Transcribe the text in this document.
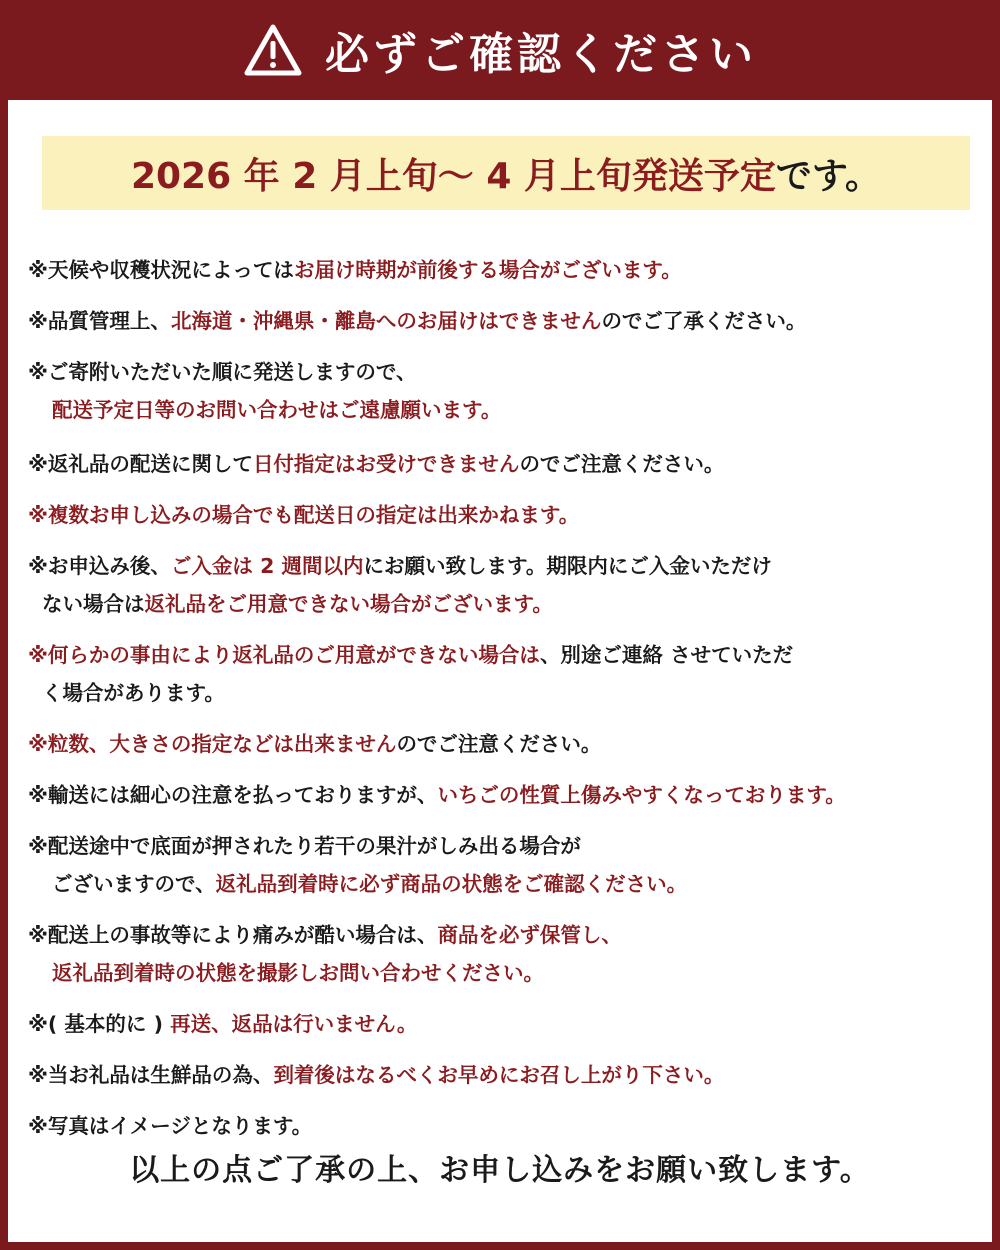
必ずご確認ください
2026 年 2 月上旬〜 4 月上旬発送予定 です。
※天候や収穫状況によってはお届け時期が前後する場合がございます。
※品質管理上、北海道・沖縄県・離島へのお届けはできませんのでご了承ください。
※ご寄附いただいた順に発送しますので、
配送予定日等のお問い合わせはご遠慮願います。
※返礼品の配送に関して日付指定はお受けできませんのでご注意ください。
※複数お申し込みの場合でも配送日の指定は出来かねます。
※お申込み後、ご入金は 2 週間以内にお願い致します。期限内にご入金いただけ
ない場合は返礼品をご用意できない場合がございます。
※何らかの事由により返礼品のご用意ができない場合は、別途ご連絡 させていただ
く場合があります。
※粒数、大きさの指定などは出来ませんのでご注意ください。
※輸送には細心の注意を払っておりますが、いちごの性質上傷みやすくなっております。
※配送途中で底面が押されたり若干の果汁がしみ出る場合が
ございますので、返礼品到着時に必ず商品の状態をご確認ください。
※配送上の事故等により痛みが酷い場合は、商品を必ず保管し、
返礼品到着時の状態を撮影しお問い合わせください。
※( 基本的に ) 再送、返品は行いません。
※当お礼品は生鮮品の為、到着後はなるべくお早めにお召し上がり下さい。
※写真はイメージとなります。
以上の点ご了承の上、お申し込みをお願い致します。
